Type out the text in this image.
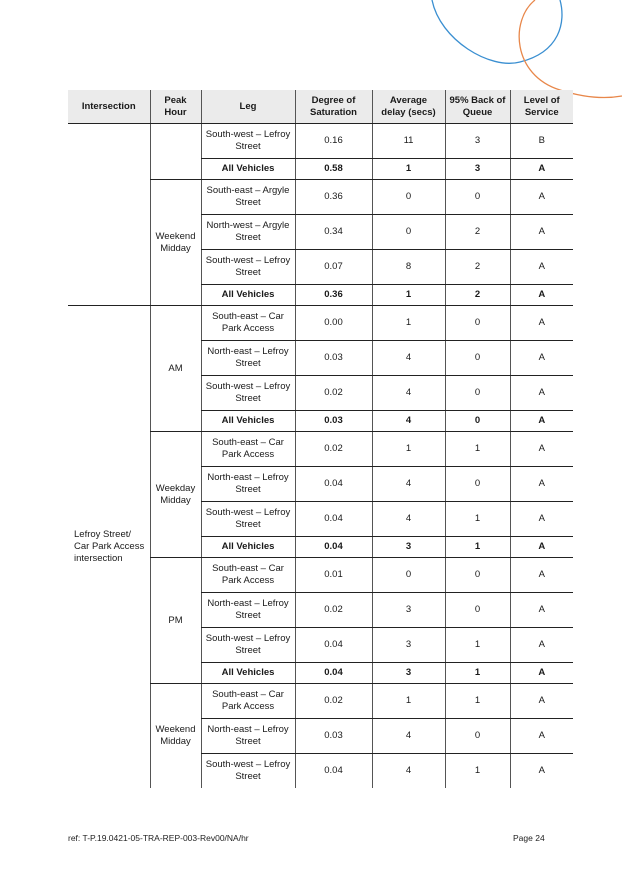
Intersection	Peak Hour	Leg	Degree of Saturation	Average delay (secs)	95% Back of Queue	Level of Service
		South-west – Lefroy Street	0.16	11	3	B
		All Vehicles	0.58	1	3	A
	Weekend Midday	South-east – Argyle Street	0.36	0	0	A
		North-west – Argyle Street	0.34	0	2	A
		South-west – Lefroy Street	0.07	8	2	A
		All Vehicles	0.36	1	2	A
Lefroy Street/ Car Park Access intersection	AM	South-east – Car Park Access	0.00	1	0	A
		North-east – Lefroy Street	0.03	4	0	A
		South-west – Lefroy Street	0.02	4	0	A
		All Vehicles	0.03	4	0	A
	Weekday Midday	South-east – Car Park Access	0.02	1	1	A
		North-east – Lefroy Street	0.04	4	0	A
		South-west – Lefroy Street	0.04	4	1	A
		All Vehicles	0.04	3	1	A
	PM	South-east – Car Park Access	0.01	0	0	A
		North-east – Lefroy Street	0.02	3	0	A
		South-west – Lefroy Street	0.04	3	1	A
		All Vehicles	0.04	3	1	A
	Weekend Midday	South-east – Car Park Access	0.02	1	1	A
		North-east – Lefroy Street	0.03	4	0	A
		South-west – Lefroy Street	0.04	4	1	A
ref: T-P.19.0421-05-TRA-REP-003-Rev00/NA/hr	Page 24
